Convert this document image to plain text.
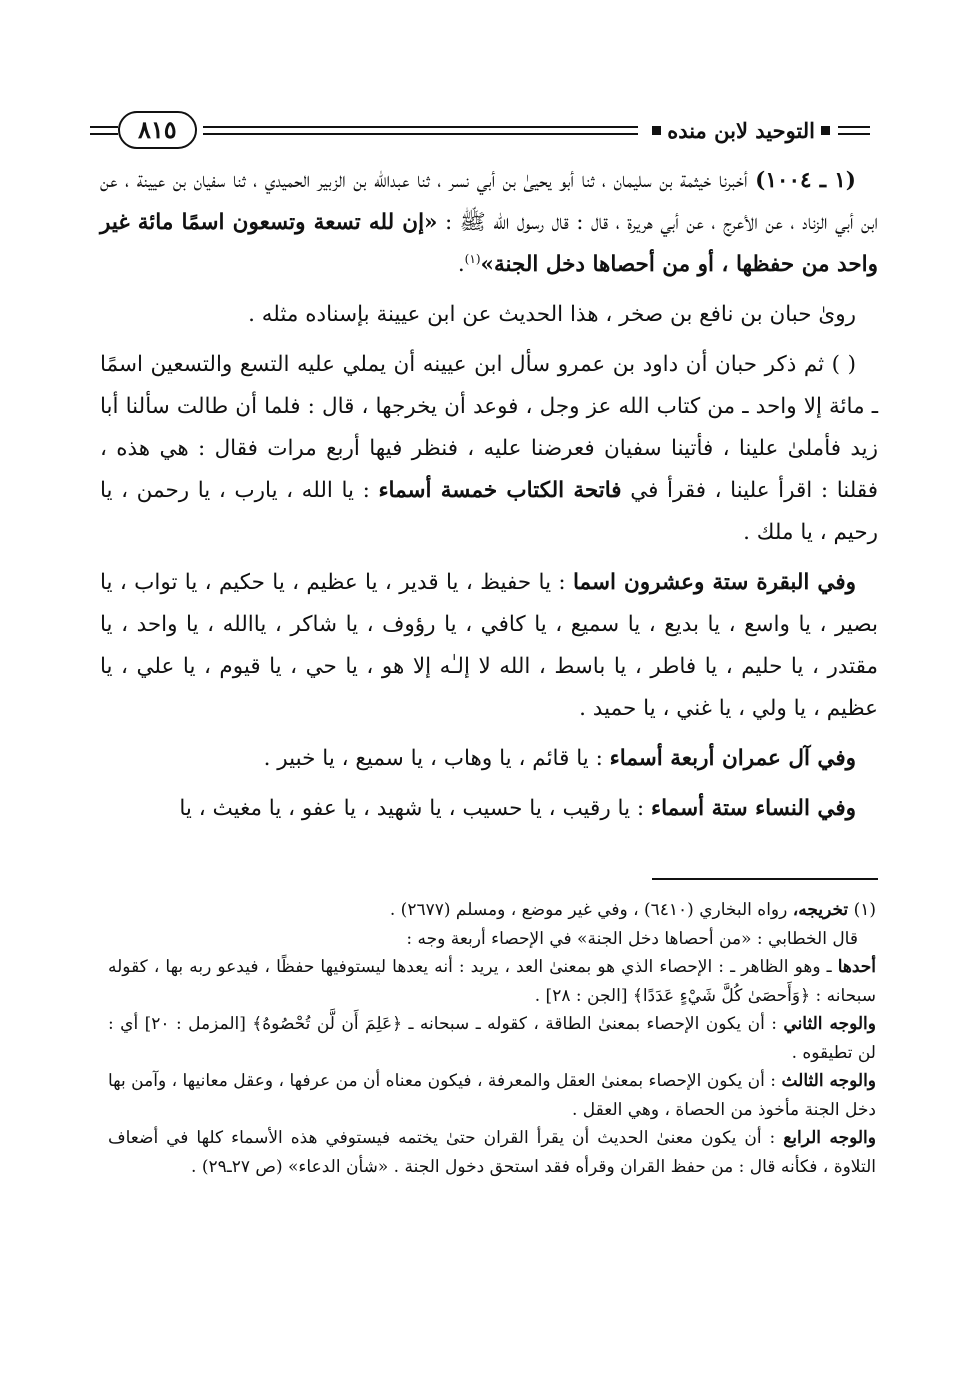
التوحيد لابن منده
٨١٥

(١ ـ ١٠٠٤) أخبرنا خيثمة بن سليمان ، ثنا أبو يحيىٰ بن أبي نسر ، ثنا عبدالله بن الزبير الحميدي ، ثنا سفيان بن عيينة ، عن ابن أبي الزناد ، عن الأعرج ، عن أبي هريرة ، قال : قال رسول الله ﷺ : «إن لله تسعة وتسعون اسمًا مائة غير واحد من حفظها ، أو من أحصاها دخل الجنة»$^{(١)}$.

روىٰ حبان بن نافع بن صخر ، هذا الحديث عن ابن عيينة بإسناده مثله .

( ) ثم ذكر حبان أن داود بن عمرو سأل ابن عيينه أن يملي عليه التسع والتسعين اسمًا ـ مائة إلا واحد ـ من كتاب الله عز وجل ، فوعد أن يخرجها ، قال : فلما أن طالت سألنا أبا زيد فأملىٰ علينا ، فأتينا سفيان فعرضنا عليه ، فنظر فيها أربع مرات فقال : هي هذه ، فقلنا : اقرأ علينا ، فقرأ في فاتحة الكتاب خمسة أسماء : يا الله ، يارب ، يا رحمن ، يا رحيم ، يا ملك .

وفي البقرة ستة وعشرون اسما : يا حفيظ ، يا قدير ، يا عظيم ، يا حكيم ، يا تواب ، يا بصير ، يا واسع ، يا بديع ، يا سميع ، يا كافي ، يا رؤوف ، يا شاكر ، ياالله ، يا واحد ، يا مقتدر ، يا حليم ، يا فاطر ، يا باسط ، الله لا إلـٰه إلا هو ، يا حي ، يا قيوم ، يا علي ، يا عظيم ، يا ولي ، يا غني ، يا حميد .

وفي آل عمران أربعة أسماء : يا قائم ، يا وهاب ، يا سميع ، يا خبير .

وفي النساء ستة أسماء : يا رقيب ، يا حسيب ، يا شهيد ، يا عفو ، يا مغيث ، يا

(١) تخريجه، رواه البخاري (٦٤١٠) ، وفي غير موضع ، ومسلم (٢٦٧٧) .

قال الخطابي : «من أحصاها دخل الجنة» في الإحصاء أربعة وجه :

أحدها ـ وهو الظاهر ـ : الإحصاء الذي هو بمعنىٰ العد ، يريد : أنه يعدها ليستوفيها حفظًا ، فيدعو ربه بها ، كقوله سبحانه : ﴿وَأَحصَىٰ كُلَّ شَيْءٍ عَدَدًا﴾ [الجن : ٢٨] .

والوجه الثاني : أن يكون الإحصاء بمعنىٰ الطاقة ، كقوله ـ سبحانه ـ ﴿عَلِمَ أَن لَّن تُحْصُوهُ﴾ [المزمل : ٢٠] أي : لن تطيقوه .

والوجه الثالث : أن يكون الإحصاء بمعنىٰ العقل والمعرفة ، فيكون معناه أن من عرفها ، وعقل معانيها ، وآمن بها دخل الجنة مأخوذ من الحصاة ، وهي العقل .

والوجه الرابع : أن يكون معنىٰ الحديث أن يقرأ القران حتىٰ يختمه فيستوفي هذه الأسماء كلها في أضعاف التلاوة ، فكأنه قال : من حفظ القران وقرأه فقد استحق دخول الجنة . «شأن الدعاء» (ص ٢٧ـ٢٩) .
